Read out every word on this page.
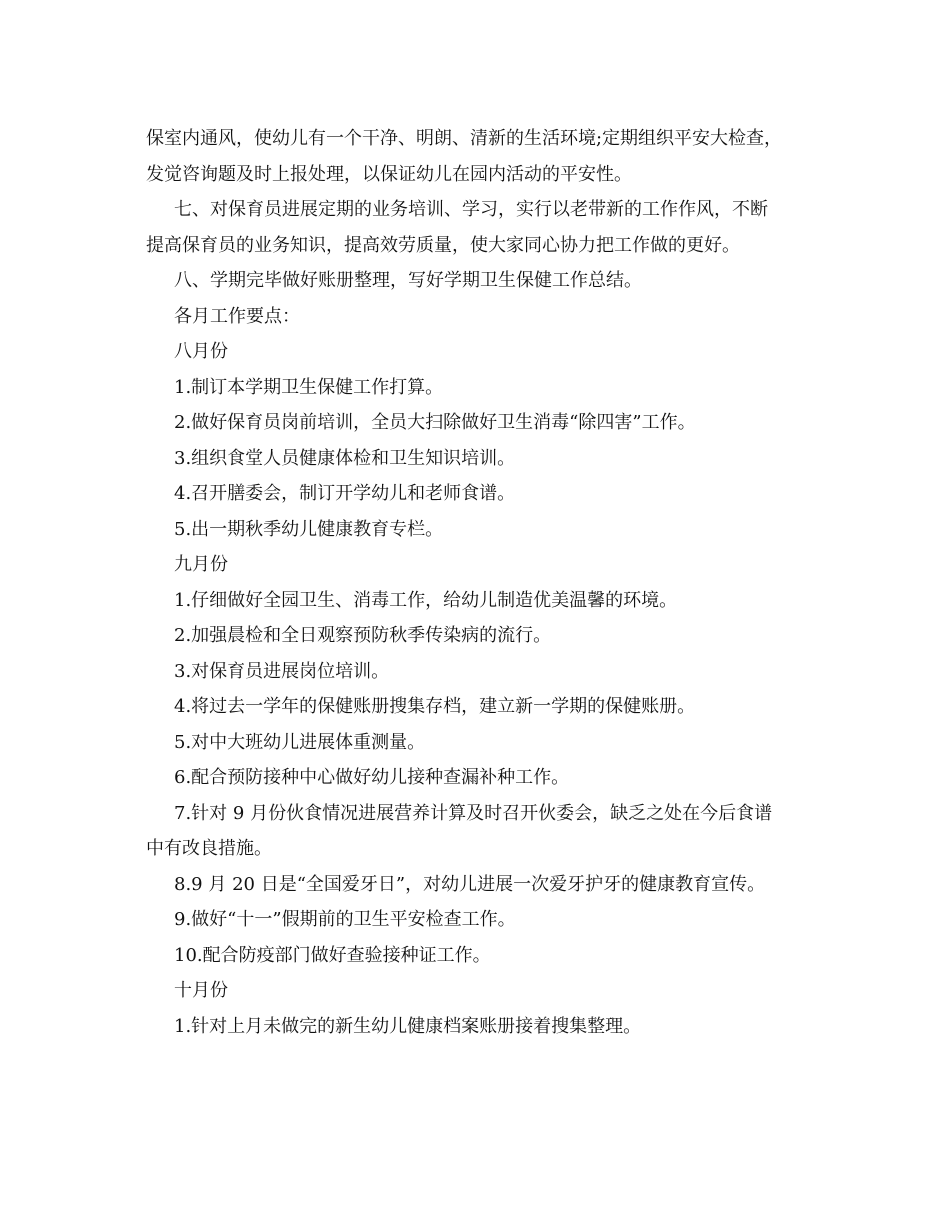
保室内通风，使幼儿有一个干净、明朗、清新的生活环境;定期组织平安大检查，

发觉咨询题及时上报处理，以保证幼儿在园内活动的平安性。

七、对保育员进展定期的业务培训、学习，实行以老带新的工作作风，不断

提高保育员的业务知识，提高效劳质量，使大家同心协力把工作做的更好。

八、学期完毕做好账册整理，写好学期卫生保健工作总结。

各月工作要点：

八月份

1.制订本学期卫生保健工作打算。

2.做好保育员岗前培训，全员大扫除做好卫生消毒“除四害”工作。

3.组织食堂人员健康体检和卫生知识培训。

4.召开膳委会，制订开学幼儿和老师食谱。

5.出一期秋季幼儿健康教育专栏。

九月份

1.仔细做好全园卫生、消毒工作，给幼儿制造优美温馨的环境。

2.加强晨检和全日观察预防秋季传染病的流行。

3.对保育员进展岗位培训。

4.将过去一学年的保健账册搜集存档，建立新一学期的保健账册。

5.对中大班幼儿进展体重测量。

6.配合预防接种中心做好幼儿接种查漏补种工作。

7.针对 9 月份伙食情况进展营养计算及时召开伙委会，缺乏之处在今后食谱

中有改良措施。

8.9 月 20 日是“全国爱牙日”，对幼儿进展一次爱牙护牙的健康教育宣传。

9.做好“十一”假期前的卫生平安检查工作。

10.配合防疫部门做好查验接种证工作。

十月份

1.针对上月未做完的新生幼儿健康档案账册接着搜集整理。
